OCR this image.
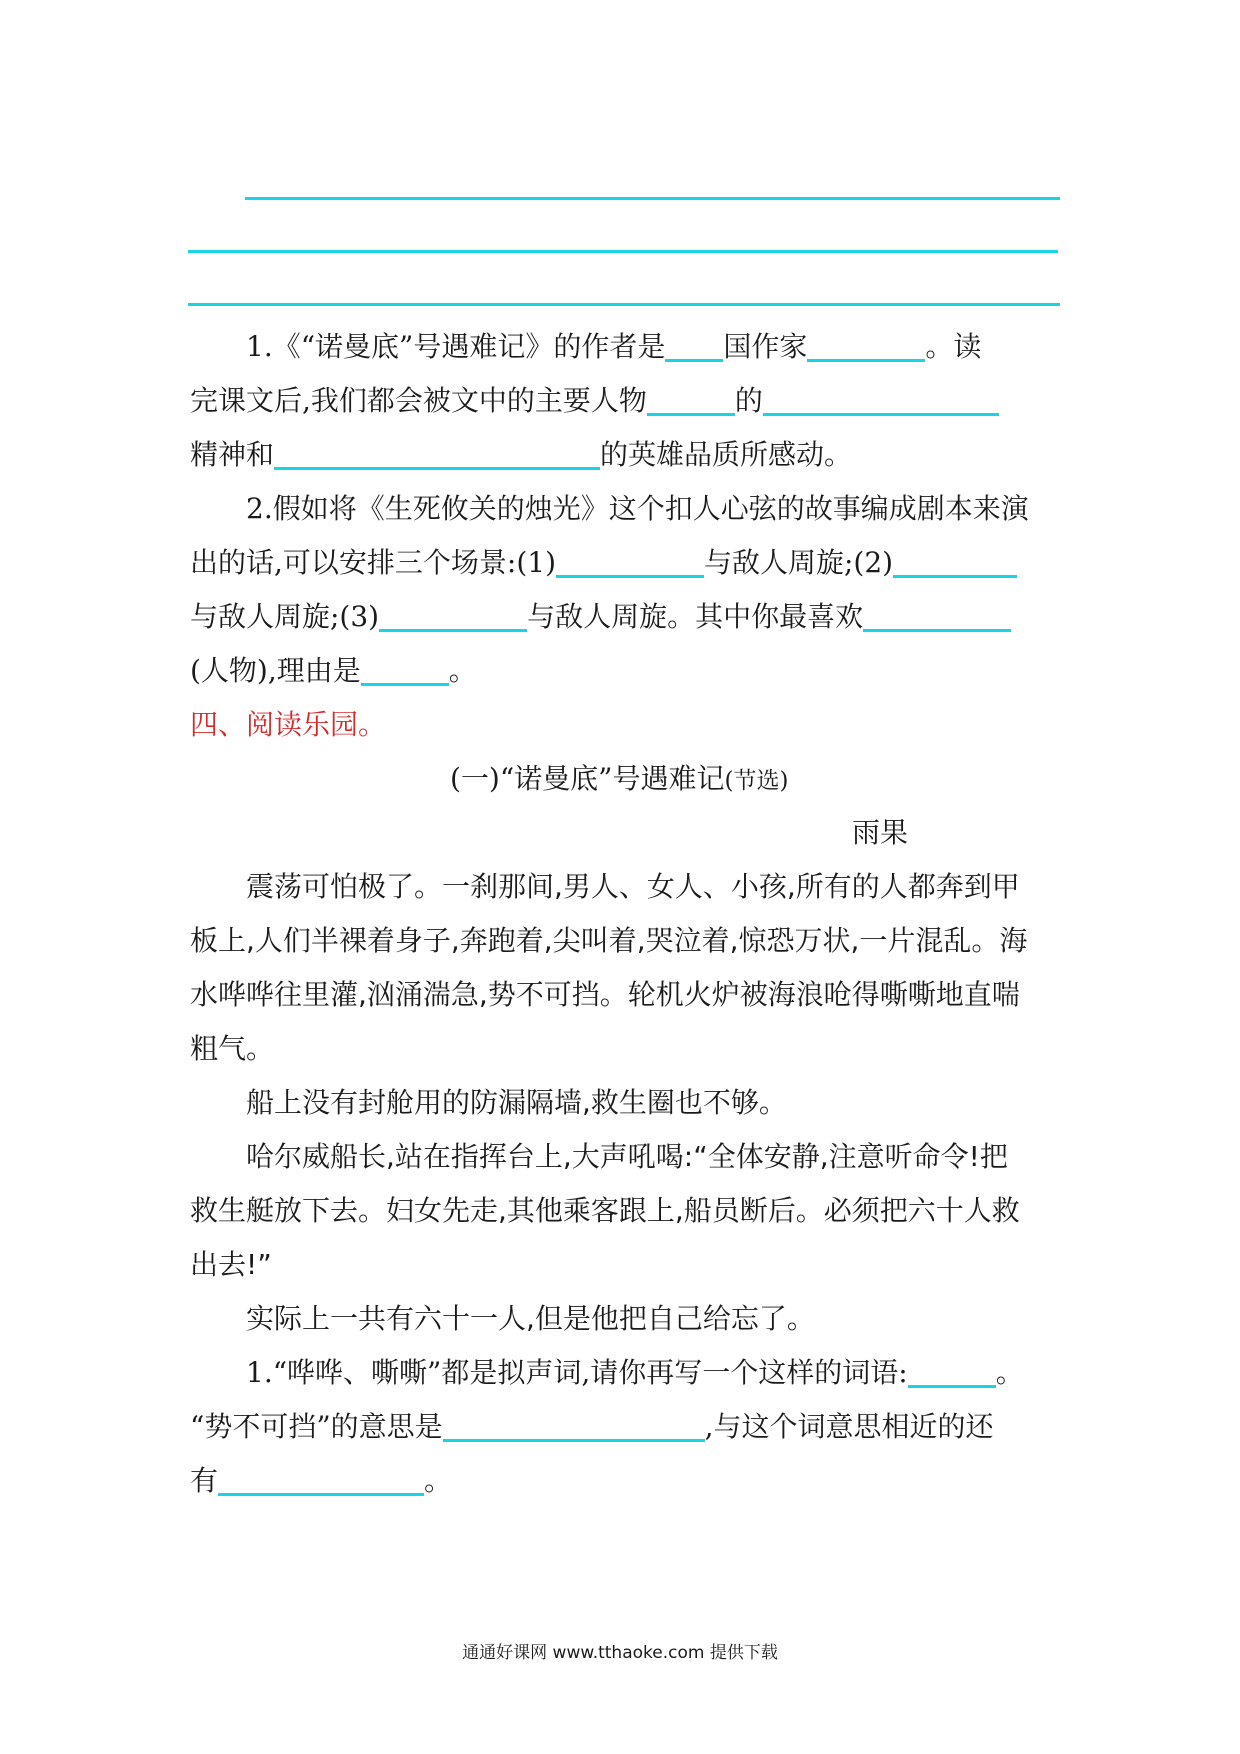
1.《“诺曼底”号遇难记》的作者是 国作家	。读
完课文后,我们都会被文中的主要人物	的
精神和	的英雄品质所感动。
2.假如将《生死攸关的烛光》这个扣人心弦的故事编成剧本来演
出的话,可以安排三个场景:(1)	与敌人周旋;(2)
与敌人周旋;(3)	与敌人周旋。其中你最喜欢
(人物),理由是	。
四、阅读乐园。
(一)“诺曼底”号遇难记(节选)
雨果
震荡可怕极了。一刹那间,男人、女人、小孩,所有的人都奔到甲
板上,人们半裸着身子,奔跑着,尖叫着,哭泣着,惊恐万状,一片混乱。海
水哗哗往里灌,汹涌湍急,势不可挡。轮机火炉被海浪呛得嘶嘶地直喘
粗气。
船上没有封舱用的防漏隔墙,救生圈也不够。
哈尔威船长,站在指挥台上,大声吼喝:“全体安静,注意听命令!把
救生艇放下去。妇女先走,其他乘客跟上,船员断后。必须把六十人救
出去!”
实际上一共有六十一人,但是他把自己给忘了。
1.“哗哗、嘶嘶”都是拟声词,请你再写一个这样的词语:	。
“势不可挡”的意思是	,与这个词意思相近的还
有	。
通通好课网 www.tthaoke.com 提供下载
